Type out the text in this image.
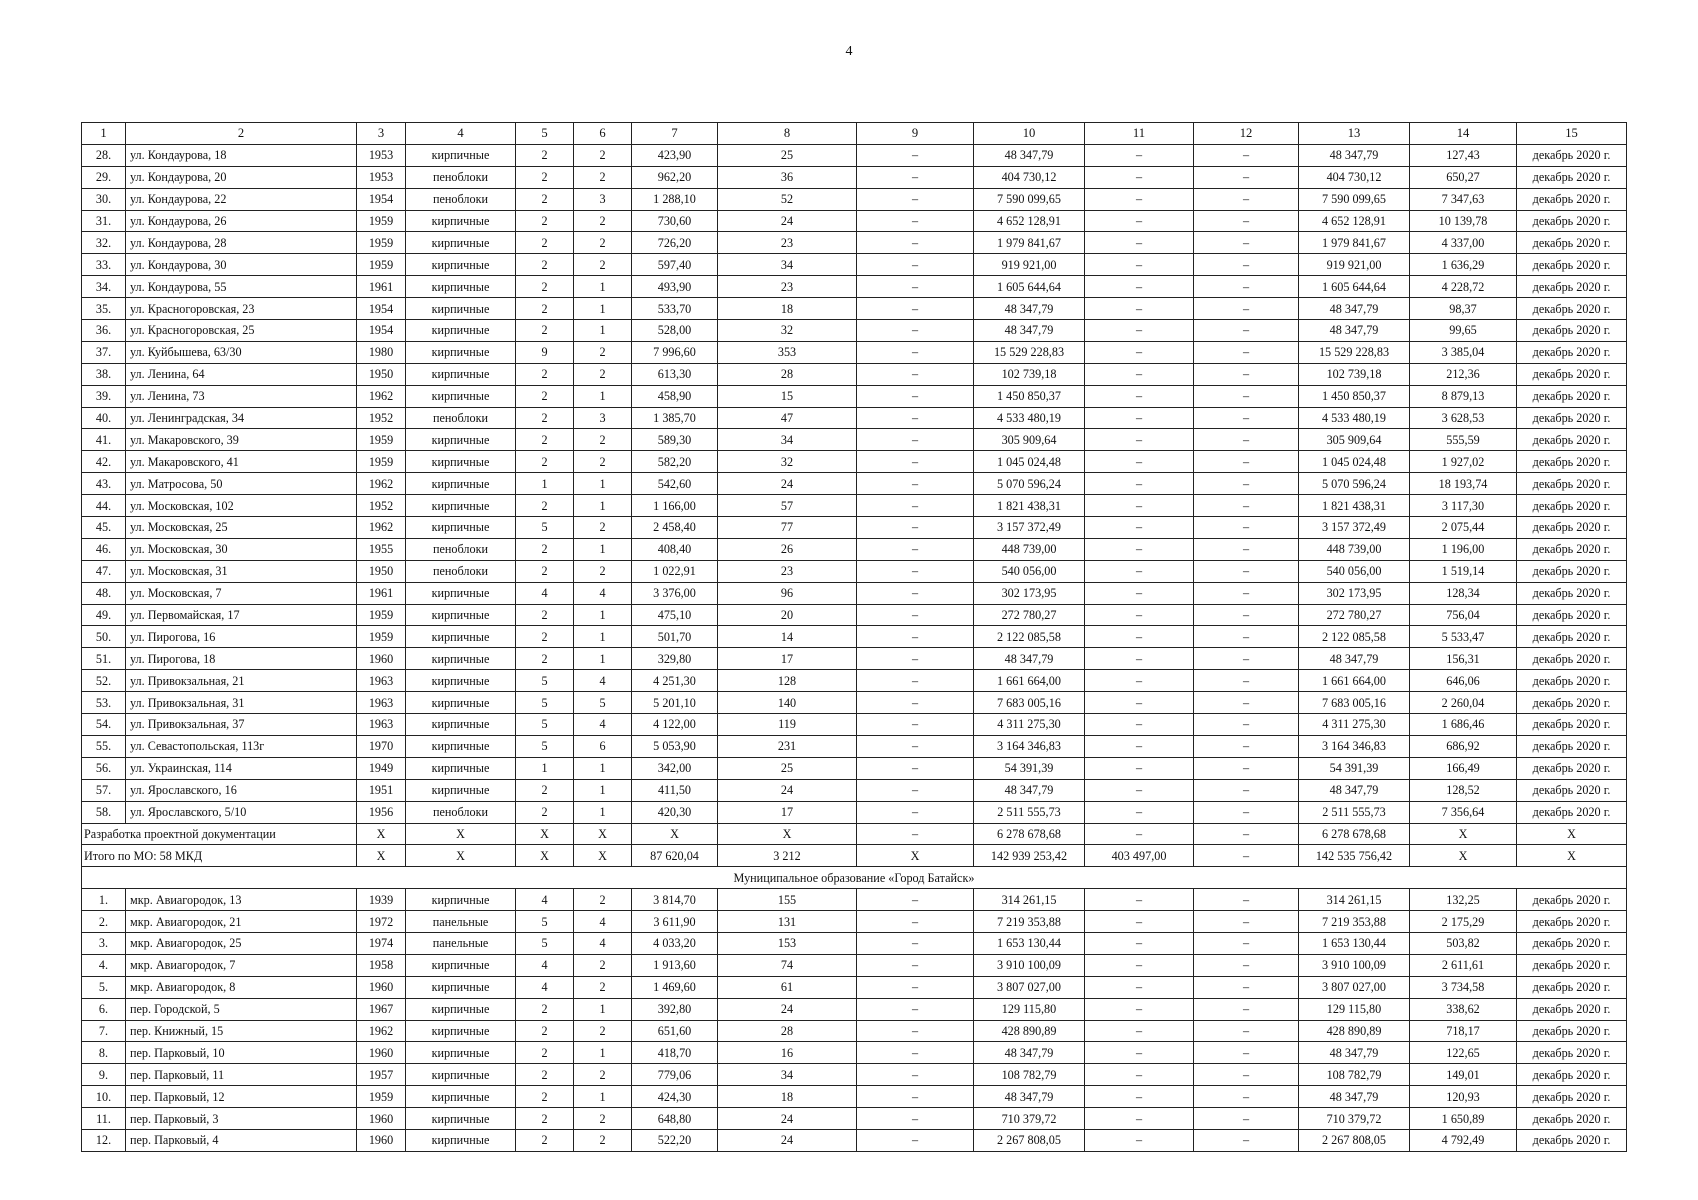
4
1	2	3	4	5	6	7	8	9	10	11	12	13	14	15
28.	ул. Кондаурова, 18	1953	кирпичные	2	2	423,90	25	–	48 347,79	–	–	48 347,79	127,43	декабрь 2020 г.
29.	ул. Кондаурова, 20	1953	пеноблоки	2	2	962,20	36	–	404 730,12	–	–	404 730,12	650,27	декабрь 2020 г.
30.	ул. Кондаурова, 22	1954	пеноблоки	2	3	1 288,10	52	–	7 590 099,65	–	–	7 590 099,65	7 347,63	декабрь 2020 г.
31.	ул. Кондаурова, 26	1959	кирпичные	2	2	730,60	24	–	4 652 128,91	–	–	4 652 128,91	10 139,78	декабрь 2020 г.
32.	ул. Кондаурова, 28	1959	кирпичные	2	2	726,20	23	–	1 979 841,67	–	–	1 979 841,67	4 337,00	декабрь 2020 г.
33.	ул. Кондаурова, 30	1959	кирпичные	2	2	597,40	34	–	919 921,00	–	–	919 921,00	1 636,29	декабрь 2020 г.
34.	ул. Кондаурова, 55	1961	кирпичные	2	1	493,90	23	–	1 605 644,64	–	–	1 605 644,64	4 228,72	декабрь 2020 г.
35.	ул. Красногоровская, 23	1954	кирпичные	2	1	533,70	18	–	48 347,79	–	–	48 347,79	98,37	декабрь 2020 г.
36.	ул. Красногоровская, 25	1954	кирпичные	2	1	528,00	32	–	48 347,79	–	–	48 347,79	99,65	декабрь 2020 г.
37.	ул. Куйбышева, 63/30	1980	кирпичные	9	2	7 996,60	353	–	15 529 228,83	–	–	15 529 228,83	3 385,04	декабрь 2020 г.
38.	ул. Ленина, 64	1950	кирпичные	2	2	613,30	28	–	102 739,18	–	–	102 739,18	212,36	декабрь 2020 г.
39.	ул. Ленина, 73	1962	кирпичные	2	1	458,90	15	–	1 450 850,37	–	–	1 450 850,37	8 879,13	декабрь 2020 г.
40.	ул. Ленинградская, 34	1952	пеноблоки	2	3	1 385,70	47	–	4 533 480,19	–	–	4 533 480,19	3 628,53	декабрь 2020 г.
41.	ул. Макаровского, 39	1959	кирпичные	2	2	589,30	34	–	305 909,64	–	–	305 909,64	555,59	декабрь 2020 г.
42.	ул. Макаровского, 41	1959	кирпичные	2	2	582,20	32	–	1 045 024,48	–	–	1 045 024,48	1 927,02	декабрь 2020 г.
43.	ул. Матросова, 50	1962	кирпичные	1	1	542,60	24	–	5 070 596,24	–	–	5 070 596,24	18 193,74	декабрь 2020 г.
44.	ул. Московская, 102	1952	кирпичные	2	1	1 166,00	57	–	1 821 438,31	–	–	1 821 438,31	3 117,30	декабрь 2020 г.
45.	ул. Московская, 25	1962	кирпичные	5	2	2 458,40	77	–	3 157 372,49	–	–	3 157 372,49	2 075,44	декабрь 2020 г.
46.	ул. Московская, 30	1955	пеноблоки	2	1	408,40	26	–	448 739,00	–	–	448 739,00	1 196,00	декабрь 2020 г.
47.	ул. Московская, 31	1950	пеноблоки	2	2	1 022,91	23	–	540 056,00	–	–	540 056,00	1 519,14	декабрь 2020 г.
48.	ул. Московская, 7	1961	кирпичные	4	4	3 376,00	96	–	302 173,95	–	–	302 173,95	128,34	декабрь 2020 г.
49.	ул. Первомайская, 17	1959	кирпичные	2	1	475,10	20	–	272 780,27	–	–	272 780,27	756,04	декабрь 2020 г.
50.	ул. Пирогова, 16	1959	кирпичные	2	1	501,70	14	–	2 122 085,58	–	–	2 122 085,58	5 533,47	декабрь 2020 г.
51.	ул. Пирогова, 18	1960	кирпичные	2	1	329,80	17	–	48 347,79	–	–	48 347,79	156,31	декабрь 2020 г.
52.	ул. Привокзальная, 21	1963	кирпичные	5	4	4 251,30	128	–	1 661 664,00	–	–	1 661 664,00	646,06	декабрь 2020 г.
53.	ул. Привокзальная, 31	1963	кирпичные	5	5	5 201,10	140	–	7 683 005,16	–	–	7 683 005,16	2 260,04	декабрь 2020 г.
54.	ул. Привокзальная, 37	1963	кирпичные	5	4	4 122,00	119	–	4 311 275,30	–	–	4 311 275,30	1 686,46	декабрь 2020 г.
55.	ул. Севастопольская, 113г	1970	кирпичные	5	6	5 053,90	231	–	3 164 346,83	–	–	3 164 346,83	686,92	декабрь 2020 г.
56.	ул. Украинская, 114	1949	кирпичные	1	1	342,00	25	–	54 391,39	–	–	54 391,39	166,49	декабрь 2020 г.
57.	ул. Ярославского, 16	1951	кирпичные	2	1	411,50	24	–	48 347,79	–	–	48 347,79	128,52	декабрь 2020 г.
58.	ул. Ярославского, 5/10	1956	пеноблоки	2	1	420,30	17	–	2 511 555,73	–	–	2 511 555,73	7 356,64	декабрь 2020 г.
Разработка проектной документации		Х	Х	Х	Х	Х	Х	–	6 278 678,68	–	–	6 278 678,68	Х	Х
Итого по МО: 58 МКД		Х	Х	Х	Х	87 620,04	3 212	Х	142 939 253,42	403 497,00	–	142 535 756,42	Х	Х
Муниципальное образование «Город Батайск»														
1.	мкр. Авиагородок, 13	1939	кирпичные	4	2	3 814,70	155	–	314 261,15	–	–	314 261,15	132,25	декабрь 2020 г.
2.	мкр. Авиагородок, 21	1972	панельные	5	4	3 611,90	131	–	7 219 353,88	–	–	7 219 353,88	2 175,29	декабрь 2020 г.
3.	мкр. Авиагородок, 25	1974	панельные	5	4	4 033,20	153	–	1 653 130,44	–	–	1 653 130,44	503,82	декабрь 2020 г.
4.	мкр. Авиагородок, 7	1958	кирпичные	4	2	1 913,60	74	–	3 910 100,09	–	–	3 910 100,09	2 611,61	декабрь 2020 г.
5.	мкр. Авиагородок, 8	1960	кирпичные	4	2	1 469,60	61	–	3 807 027,00	–	–	3 807 027,00	3 734,58	декабрь 2020 г.
6.	пер. Городской, 5	1967	кирпичные	2	1	392,80	24	–	129 115,80	–	–	129 115,80	338,62	декабрь 2020 г.
7.	пер. Книжный, 15	1962	кирпичные	2	2	651,60	28	–	428 890,89	–	–	428 890,89	718,17	декабрь 2020 г.
8.	пер. Парковый, 10	1960	кирпичные	2	1	418,70	16	–	48 347,79	–	–	48 347,79	122,65	декабрь 2020 г.
9.	пер. Парковый, 11	1957	кирпичные	2	2	779,06	34	–	108 782,79	–	–	108 782,79	149,01	декабрь 2020 г.
10.	пер. Парковый, 12	1959	кирпичные	2	1	424,30	18	–	48 347,79	–	–	48 347,79	120,93	декабрь 2020 г.
11.	пер. Парковый, 3	1960	кирпичные	2	2	648,80	24	–	710 379,72	–	–	710 379,72	1 650,89	декабрь 2020 г.
12.	пер. Парковый, 4	1960	кирпичные	2	2	522,20	24	–	2 267 808,05	–	–	2 267 808,05	4 792,49	декабрь 2020 г.
